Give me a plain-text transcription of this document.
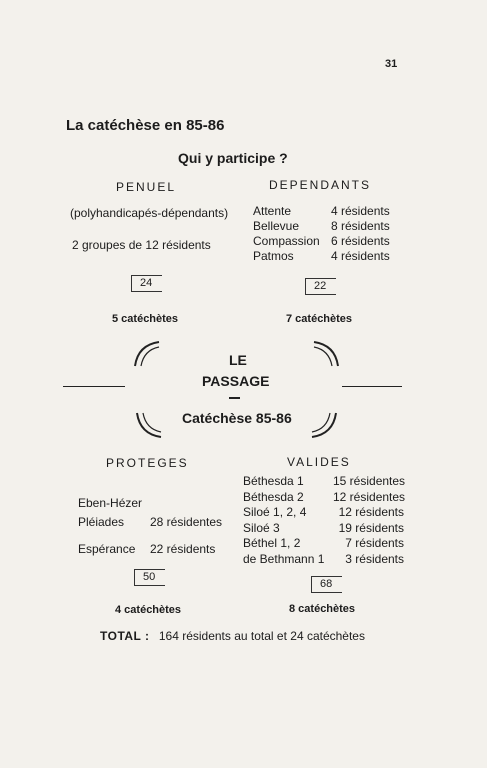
31
La catéchèse en 85-86
Qui y participe ?
PENUEL
(polyhandicapés-dépendants)
2 groupes de 12 résidents
24
5 catéchètes
DEPENDANTS
Attente
Bellevue
Compassion
Patmos
4 résidents
8 résidents
6 résidents
4 résidents
22
7 catéchètes
LE
PASSAGE
Catéchèse 85-86
PROTEGES
Eben-Hézer
Pléiades 28 résidentes
Espérance 22 résidents
50
4 catéchètes
VALIDES
Béthesda 1
Béthesda 2
Siloé 1, 2, 4
Siloé 3
Béthel 1, 2
de Bethmann 1
15 résidentes
12 résidentes
12 résidents
19 résidents
7 résidents
3 résidents
68
8 catéchètes
TOTAL : 164 résidents au total et 24 catéchètes
